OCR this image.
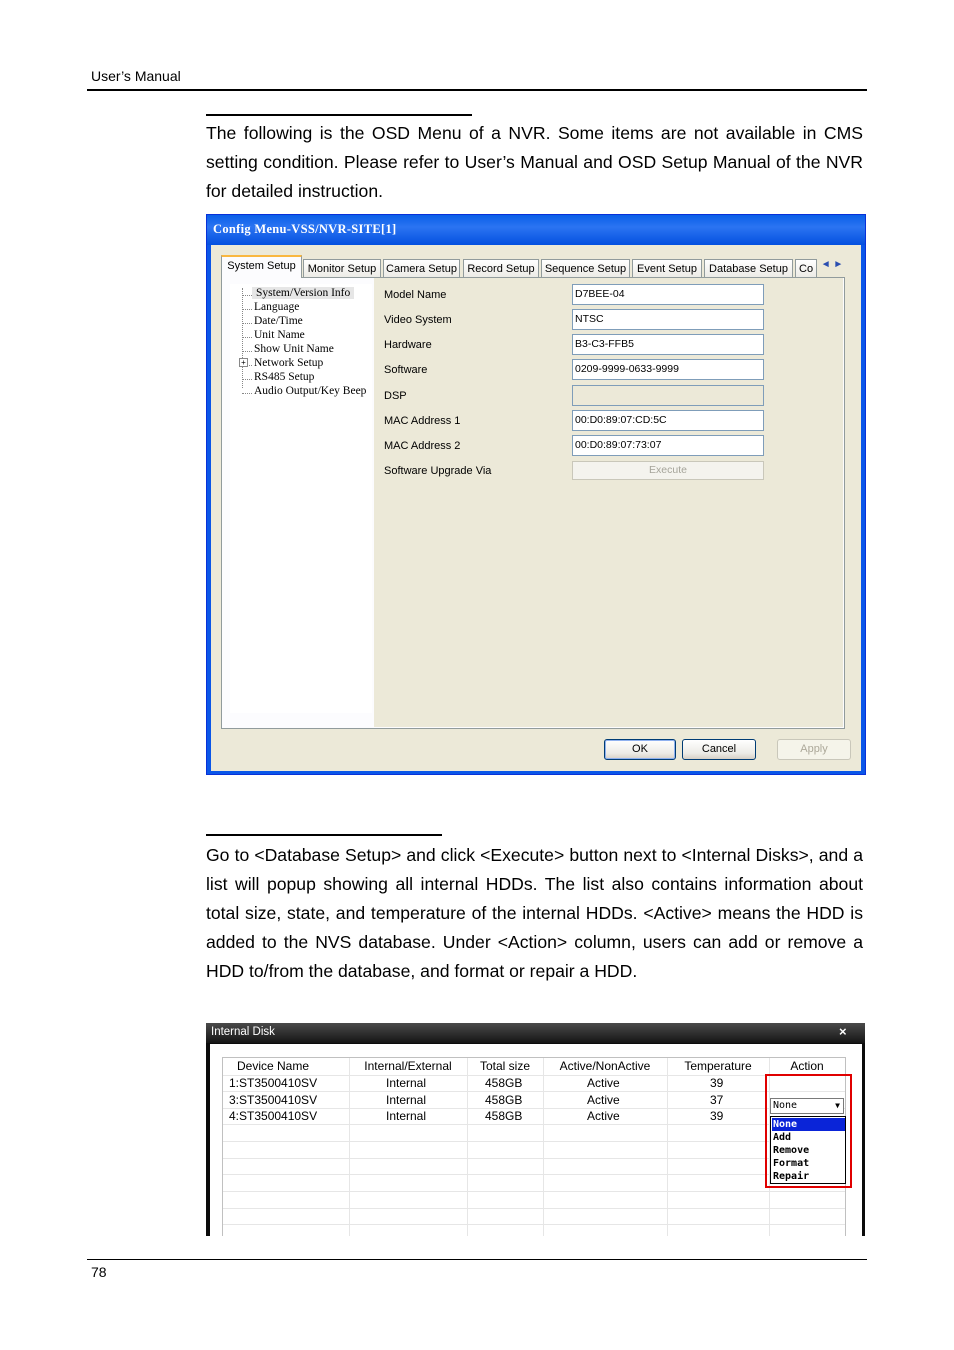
User’s Manual
The following is the OSD Menu of a NVR. Some items are not available in CMS setting condition. Please refer to User’s Manual and OSD Setup Manual of the NVR for detailed instruction.
Config Menu-VSS/NVR-SITE[1]
System Setup	Monitor Setup Camera Setup Record Setup Sequence Setup Event Setup	Database Setup	Co ◄ ►
+
System/Version Info
Language
Date/Time
Unit Name
Show Unit Name
Network Setup
RS485 Setup
Audio Output/Key Beep
Model Name	D7BEE-04
Video System	NTSC
Hardware	B3-C3-FFB5
Software	0209-9999-0633-9999
DSP
MAC Address 1	00:D0:89:07:CD:5C
MAC Address 2	00:D0:89:07:73:07
Software Upgrade Via	Execute
OK	Cancel	Apply
Go to <Database Setup> and click <Execute> button next to <Internal Disks>, and a list will popup showing all internal HDDs. The list also contains information about total size, state, and temperature of the internal HDDs. <Active> means the HDD is added to the NVS database. Under <Action> column, users can add or remove a HDD to/from the database, and format or repair a HDD.
Internal Disk	×
Device Name	Internal/External	Total size	Active/NonActive	Temperature	Action
1:ST3500410SV	Internal	458GB	Active	39
3:ST3500410SV	Internal	458GB	Active	37
4:ST3500410SV	Internal	458GB	Active	39
None	▼
None
Add
Remove
Format
Repair
78
